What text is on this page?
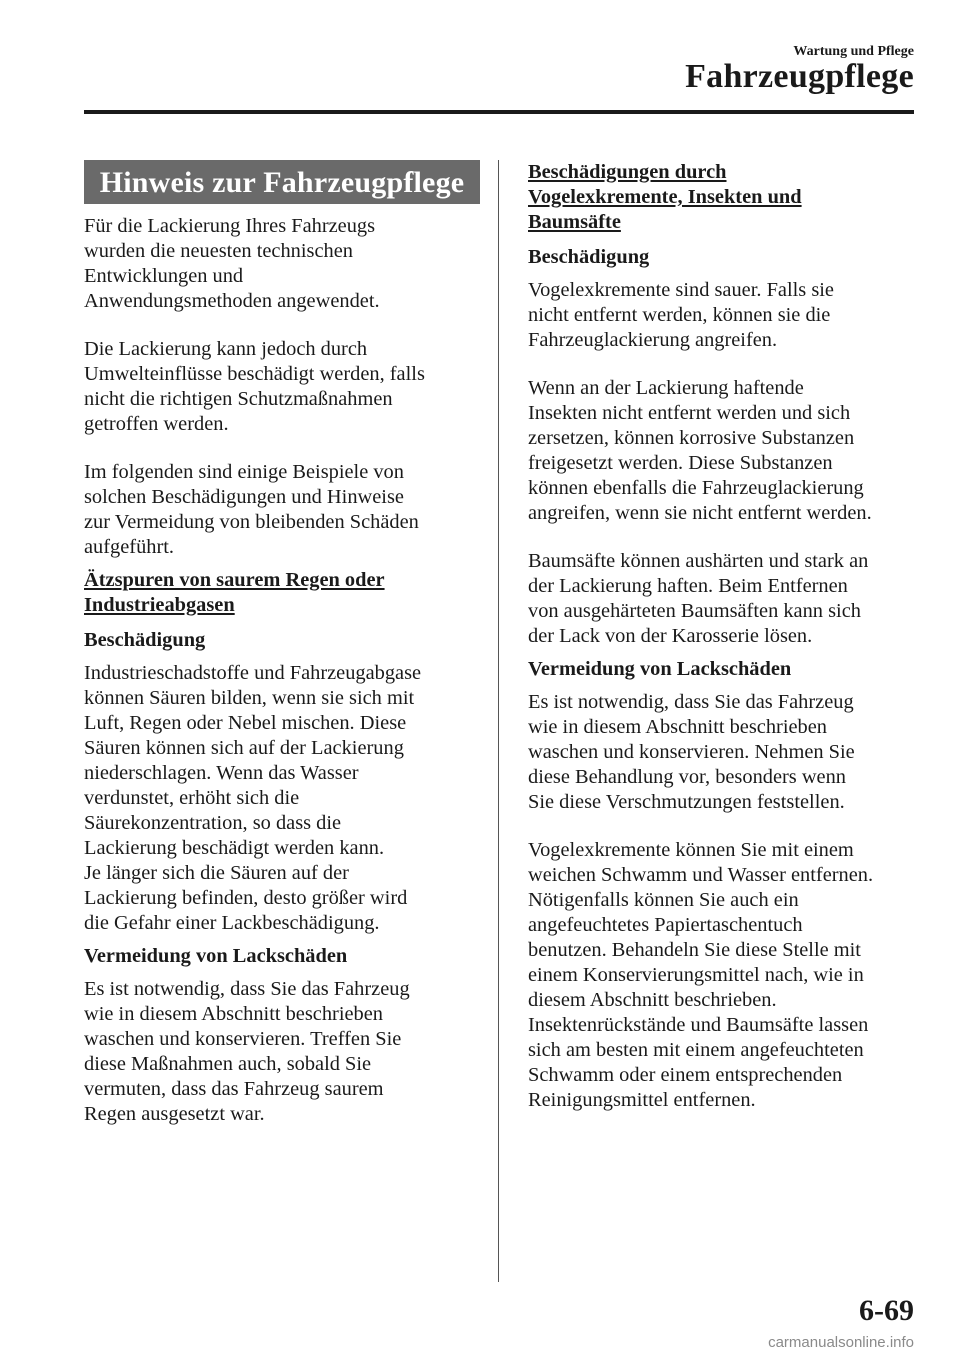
Wartung und Pflege
Fahrzeugpflege
Hinweis zur Fahrzeugpflege

Für die Lackierung Ihres Fahrzeugs
wurden die neuesten technischen
Entwicklungen und
Anwendungsmethoden angewendet.

Die Lackierung kann jedoch durch
Umwelteinflüsse beschädigt werden, falls
nicht die richtigen Schutzmaßnahmen
getroffen werden.

Im folgenden sind einige Beispiele von
solchen Beschädigungen und Hinweise
zur Vermeidung von bleibenden Schäden
aufgeführt.

Ätzspuren von saurem Regen oder
Industrieabgasen
Beschädigung

Industrieschadstoffe und Fahrzeugabgase
können Säuren bilden, wenn sie sich mit
Luft, Regen oder Nebel mischen. Diese
Säuren können sich auf der Lackierung
niederschlagen. Wenn das Wasser
verdunstet, erhöht sich die
Säurekonzentration, so dass die
Lackierung beschädigt werden kann.
Je länger sich die Säuren auf der
Lackierung befinden, desto größer wird
die Gefahr einer Lackbeschädigung.

Vermeidung von Lackschäden

Es ist notwendig, dass Sie das Fahrzeug
wie in diesem Abschnitt beschrieben
waschen und konservieren. Treffen Sie
diese Maßnahmen auch, sobald Sie
vermuten, dass das Fahrzeug saurem
Regen ausgesetzt war.

Beschädigungen durch
Vogelexkremente, Insekten und
Baumsäfte
Beschädigung

Vogelexkremente sind sauer. Falls sie
nicht entfernt werden, können sie die
Fahrzeuglackierung angreifen.

Wenn an der Lackierung haftende
Insekten nicht entfernt werden und sich
zersetzen, können korrosive Substanzen
freigesetzt werden. Diese Substanzen
können ebenfalls die Fahrzeuglackierung
angreifen, wenn sie nicht entfernt werden.

Baumsäfte können aushärten und stark an
der Lackierung haften. Beim Entfernen
von ausgehärteten Baumsäften kann sich
der Lack von der Karosserie lösen.

Vermeidung von Lackschäden

Es ist notwendig, dass Sie das Fahrzeug
wie in diesem Abschnitt beschrieben
waschen und konservieren. Nehmen Sie
diese Behandlung vor, besonders wenn
Sie diese Verschmutzungen feststellen.

Vogelexkremente können Sie mit einem
weichen Schwamm und Wasser entfernen.
Nötigenfalls können Sie auch ein
angefeuchtetes Papiertaschentuch
benutzen. Behandeln Sie diese Stelle mit
einem Konservierungsmittel nach, wie in
diesem Abschnitt beschrieben.
Insektenrückstände und Baumsäfte lassen
sich am besten mit einem angefeuchteten
Schwamm oder einem entsprechenden
Reinigungsmittel entfernen.

6-69
carmanualsonline.info
